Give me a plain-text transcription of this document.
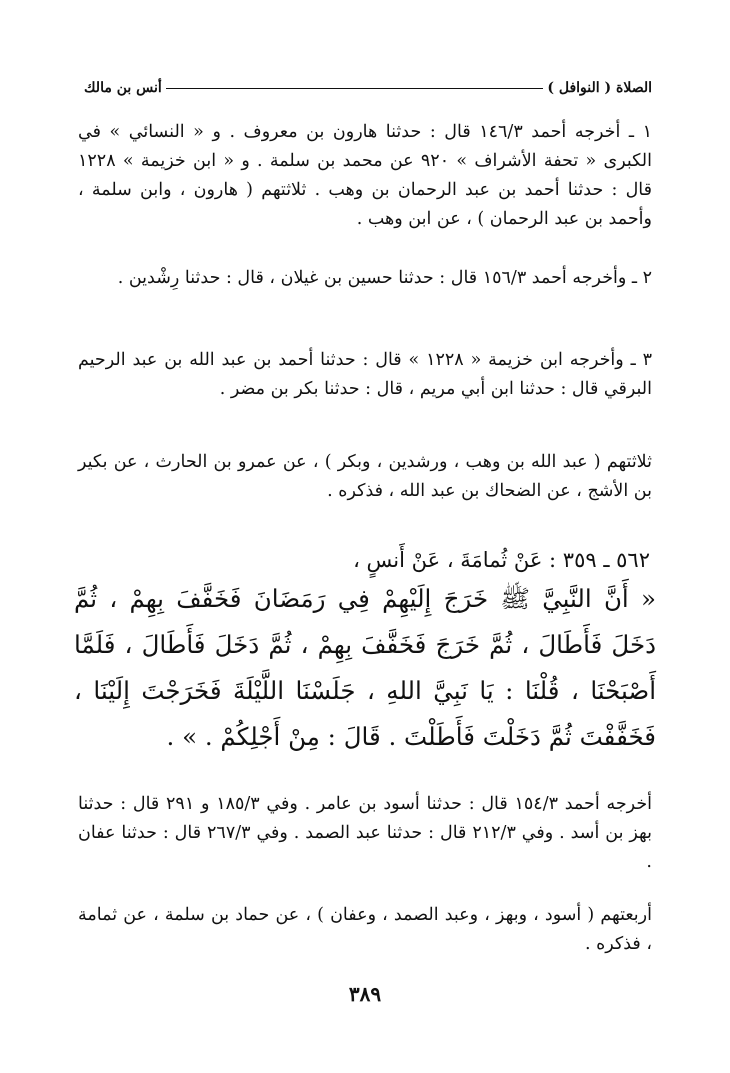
الصلاة ( النوافل )
أنس بن مالك

١ ـ أخرجه أحمد ١٤٦/٣ قال : حدثنا هارون بن معروف . و « النسائي » في الكبرى « تحفة الأشراف » ٩٢٠ عن محمد بن سلمة . و « ابن خزيمة » ١٢٢٨ قال : حدثنا أحمد بن عبد الرحمان بن وهب . ثلاثتهم ( هارون ، وابن سلمة ، وأحمد بن عبد الرحمان ) ، عن ابن وهب .

٢ ـ وأخرجه أحمد ١٥٦/٣ قال : حدثنا حسين بن غيلان ، قال : حدثنا رِشْدين .

٣ ـ وأخرجه ابن خزيمة « ١٢٢٨ » قال : حدثنا أحمد بن عبد الله بن عبد الرحيم البرقي قال : حدثنا ابن أبي مريم ، قال : حدثنا بكر بن مضر .

ثلاثتهم ( عبد الله بن وهب ، ورشدين ، وبكر ) ، عن عمرو بن الحارث ، عن بكير بن الأشج ، عن الضحاك بن عبد الله ، فذكره .

٥٦٢ ـ ٣٥٩ : عَنْ ثُمامَةَ ، عَنْ أَنسٍ ،

« أَنَّ النَّبِيَّ ﷺ خَرَجَ إِلَيْهِمْ فِي رَمَضَانَ فَخَفَّفَ بِهِمْ ، ثُمَّ دَخَلَ فَأَطَالَ ، ثُمَّ خَرَجَ فَخَفَّفَ بِهِمْ ، ثُمَّ دَخَلَ فَأَطَالَ ، فَلَمَّا أَصْبَحْنَا ، قُلْنَا : يَا نَبِيَّ اللهِ ، جَلَسْنَا اللَّيْلَةَ فَخَرَجْتَ إِلَيْنَا ، فَخَفَّفْتَ ثُمَّ دَخَلْتَ فَأَطَلْتَ . قَالَ : مِنْ أَجْلِكُمْ . » .

أخرجه أحمد ١٥٤/٣ قال : حدثنا أسود بن عامر . وفي ١٨٥/٣ و ٢٩١ قال : حدثنا بهز بن أسد . وفي ٢١٢/٣ قال : حدثنا عبد الصمد . وفي ٢٦٧/٣ قال : حدثنا عفان .

أربعتهم ( أسود ، وبهز ، وعبد الصمد ، وعفان ) ، عن حماد بن سلمة ، عن ثمامة ، فذكره .

٣٨٩
